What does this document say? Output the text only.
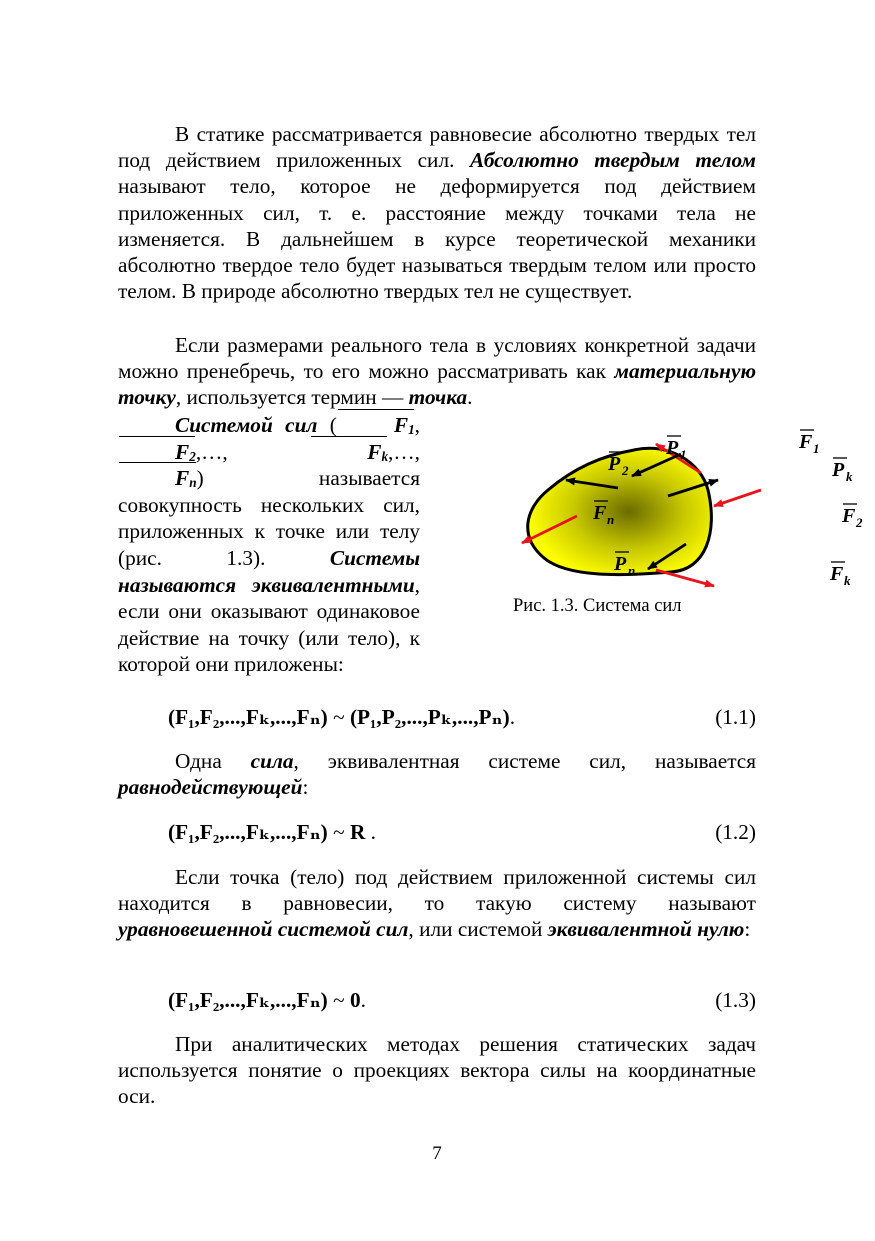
В статике рассматривается равновесие абсолютно твердых тел под действием приложенных сил. Абсолютно твердым телом называют тело, которое не деформируется под действием приложенных сил, т. е. расстояние между точками тела не изменяется. В дальнейшем в курсе теоретической механики абсолютно твердое тело будет называться твердым телом или просто телом. В природе абсолютно твердых тел не существует.

Если размерами реального тела в условиях конкретной задачи можно пренебречь, то его можно рассматривать как материальную точку, используется термин — точка.

Системой сил (	$F_1$, $F_2,\dots$,	$F_k,\dots$, $F_n$) называется совокупность нескольких сил, приложенных к точке или телу (рис. 1.3). Системы называются эквивалентными, если они оказывают одинаковое действие на точку (или тело), к которой они приложены:

P 1
P 2	P k
P n
F 1
F 2
F k
F n
Рис. 1.3. Система сил
(F₁,F₂,...,Fₖ,...,Fₙ) ~ (P₁,P₂,...,Pₖ,...,Pₙ).	(1.1)

Одна сила, эквивалентная системе сил, называется равнодействующей:

(F₁,F₂,...,Fₖ,...,Fₙ) ~ R .	(1.2)

Если точка (тело) под действием приложенной системы сил находится в равновесии, то такую систему называют уравновешенной системой сил, или системой эквивалентной нулю:

(F₁,F₂,...,Fₖ,...,Fₙ) ~ 0.	(1.3)

При аналитических методах решения статических задач используется понятие о проекциях вектора силы на координатные оси.

7
